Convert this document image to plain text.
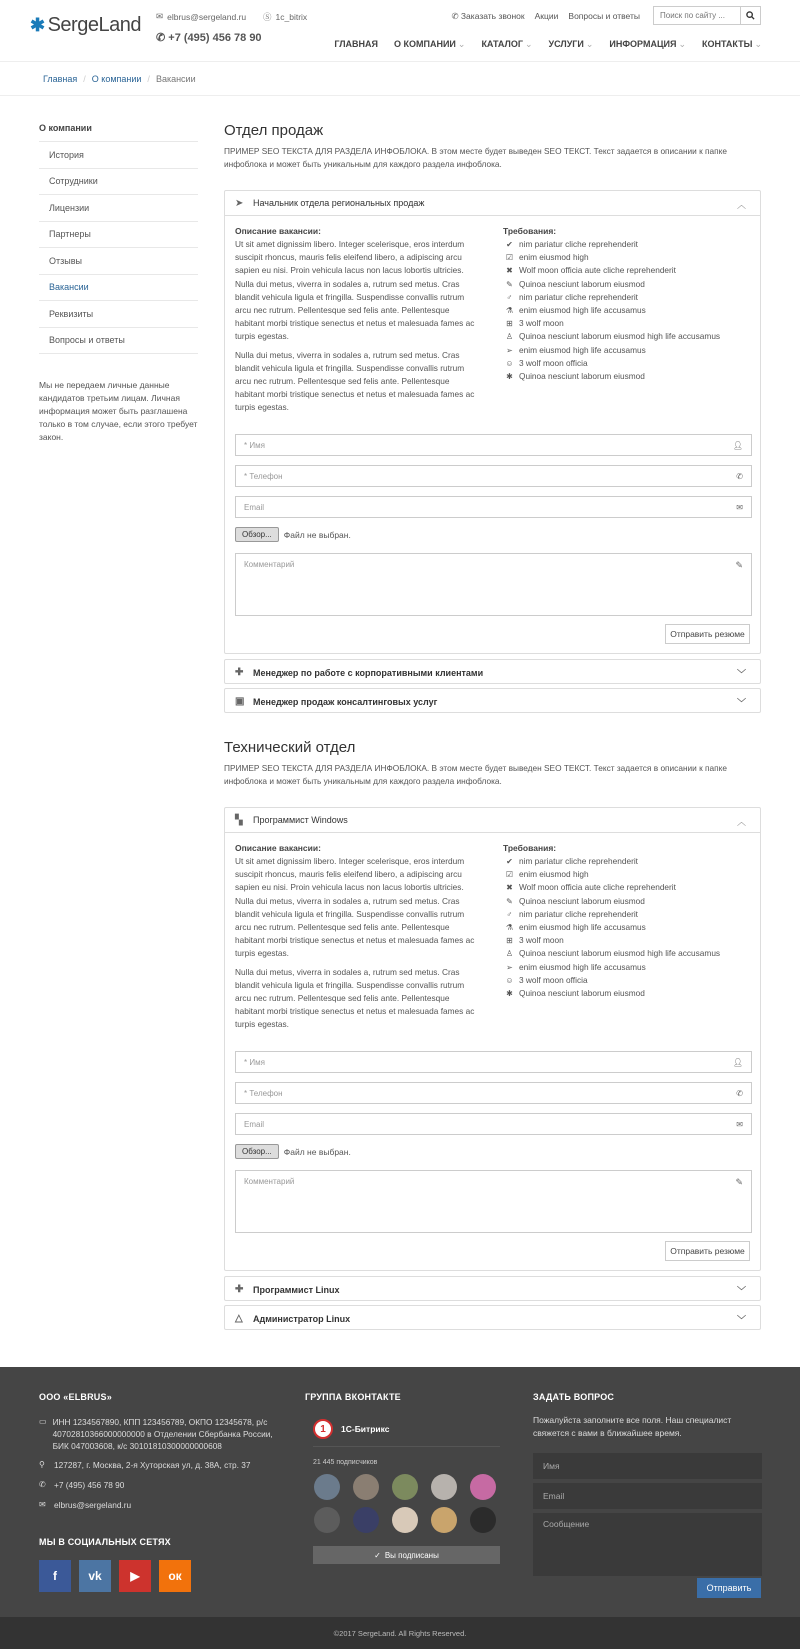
✱ SergeLand ✉ elbrus@sergeland.ru Ⓢ 1c_bitrix
✆ +7 (495) 456 78 90
✆ Заказать звонок Акции Вопросы и ответы
Поиск по сайту ...
ГЛАВНАЯ О КОМПАНИИ ⌄ КАТАЛОГ ⌄ УСЛУГИ ⌄ ИНФОРМАЦИЯ ⌄ КОНТАКТЫ ⌄
Главная / О компании / Вакансии
О компании
История
Сотрудники
Лицензии
Партнеры
Отзывы
Вакансии
Реквизиты
Вопросы и ответы
Мы не передаем личные данные кандидатов третьим лицам. Личная информация может быть разглашена только в том случае, если этого требует закон.
Отдел продаж
ПРИМЕР SEO ТЕКСТА ДЛЯ РАЗДЕЛА ИНФОБЛОКА. В этом месте будет выведен SEO ТЕКСТ. Текст задается в описании к папке инфоблока и может быть уникальным для каждого раздела инфоблока.
➤	Начальник отдела региональных продаж	︿
Описание вакансии:
Ut sit amet dignissim libero. Integer scelerisque, eros interdum suscipit rhoncus, mauris felis eleifend libero, a adipiscing arcu sapien eu nisi. Proin vehicula lacus non lacus lobortis ultricies. Nulla dui metus, viverra in sodales a, rutrum sed metus. Cras blandit vehicula ligula et fringilla. Suspendisse convallis rutrum arcu nec rutrum. Pellentesque sed felis ante. Pellentesque habitant morbi tristique senectus et netus et malesuada fames ac turpis egestas.
Nulla dui metus, viverra in sodales a, rutrum sed metus. Cras blandit vehicula ligula et fringilla. Suspendisse convallis rutrum arcu nec rutrum. Pellentesque sed felis ante. Pellentesque habitant morbi tristique senectus et netus et malesuada fames ac turpis egestas.
Требования:
✔ nim pariatur cliche reprehenderit
☑ enim eiusmod high
✖ Wolf moon officia aute cliche reprehenderit
✎ Quinoa nesciunt laborum eiusmod
♂ nim pariatur cliche reprehenderit
⚗ enim eiusmod high life accusamus
⊞ 3 wolf moon
♙ Quinoa nesciunt laborum eiusmod high life accusamus
➢ enim eiusmod high life accusamus
☺ 3 wolf moon officia
✱ Quinoa nesciunt laborum eiusmod
* Имя	👤︎
* Телефон	✆
Email	✉
Обзор...	Файл не выбран.
Комментарий	✎
Отправить резюме
✚	Менеджер по работе с корпоративными клиентами	﹀
▣ Менеджер продаж консалтинговых услуг	﹀
Технический отдел
ПРИМЕР SEO ТЕКСТА ДЛЯ РАЗДЕЛА ИНФОБЛОКА. В этом месте будет выведен SEO ТЕКСТ. Текст задается в описании к папке инфоблока и может быть уникальным для каждого раздела инфоблока.
▚	Программист Windows	︿
Описание вакансии:
Ut sit amet dignissim libero. Integer scelerisque, eros interdum suscipit rhoncus, mauris felis eleifend libero, a adipiscing arcu sapien eu nisi. Proin vehicula lacus non lacus lobortis ultricies. Nulla dui metus, viverra in sodales a, rutrum sed metus. Cras blandit vehicula ligula et fringilla. Suspendisse convallis rutrum arcu nec rutrum. Pellentesque sed felis ante. Pellentesque habitant morbi tristique senectus et netus et malesuada fames ac turpis egestas.
Nulla dui metus, viverra in sodales a, rutrum sed metus. Cras blandit vehicula ligula et fringilla. Suspendisse convallis rutrum arcu nec rutrum. Pellentesque sed felis ante. Pellentesque habitant morbi tristique senectus et netus et malesuada fames ac turpis egestas.
Требования:
✔ nim pariatur cliche reprehenderit
☑ enim eiusmod high
✖ Wolf moon officia aute cliche reprehenderit
✎ Quinoa nesciunt laborum eiusmod
♂ nim pariatur cliche reprehenderit
⚗ enim eiusmod high life accusamus
⊞ 3 wolf moon
♙ Quinoa nesciunt laborum eiusmod high life accusamus
➢ enim eiusmod high life accusamus
☺ 3 wolf moon officia
✱ Quinoa nesciunt laborum eiusmod
* Имя	👤︎
* Телефон	✆
Email	✉
Обзор...	Файл не выбран.
Комментарий	✎
Отправить резюме
✚	Программист Linux	﹀
△	Администратор Linux	﹀
ООО «ELBRUS»
▭ ИНН 1234567890, КПП 123456789, ОКПО 12345678, р/с 40702810366000000000 в Отделении Сбербанка России, БИК 047003608, к/с 30101810300000000608
⚲	127287, г. Москва, 2-я Хуторская ул, д. 38А, стр. 37
✆ +7 (495) 456 78 90
✉ elbrus@sergeland.ru
МЫ В СОЦИАЛЬНЫХ СЕТЯХ
f	vk ▶ ок
ГРУППА ВКОНТАКТЕ
1	1С-Битрикс
21 445 подписчиков
✓ Вы подписаны
ЗАДАТЬ ВОПРОС
Пожалуйста заполните все поля. Наш специалист свяжется с вами в ближайшее время.
Имя
Email
Сообщение
Отправить
©2017 SergeLand. All Rights Reserved.
